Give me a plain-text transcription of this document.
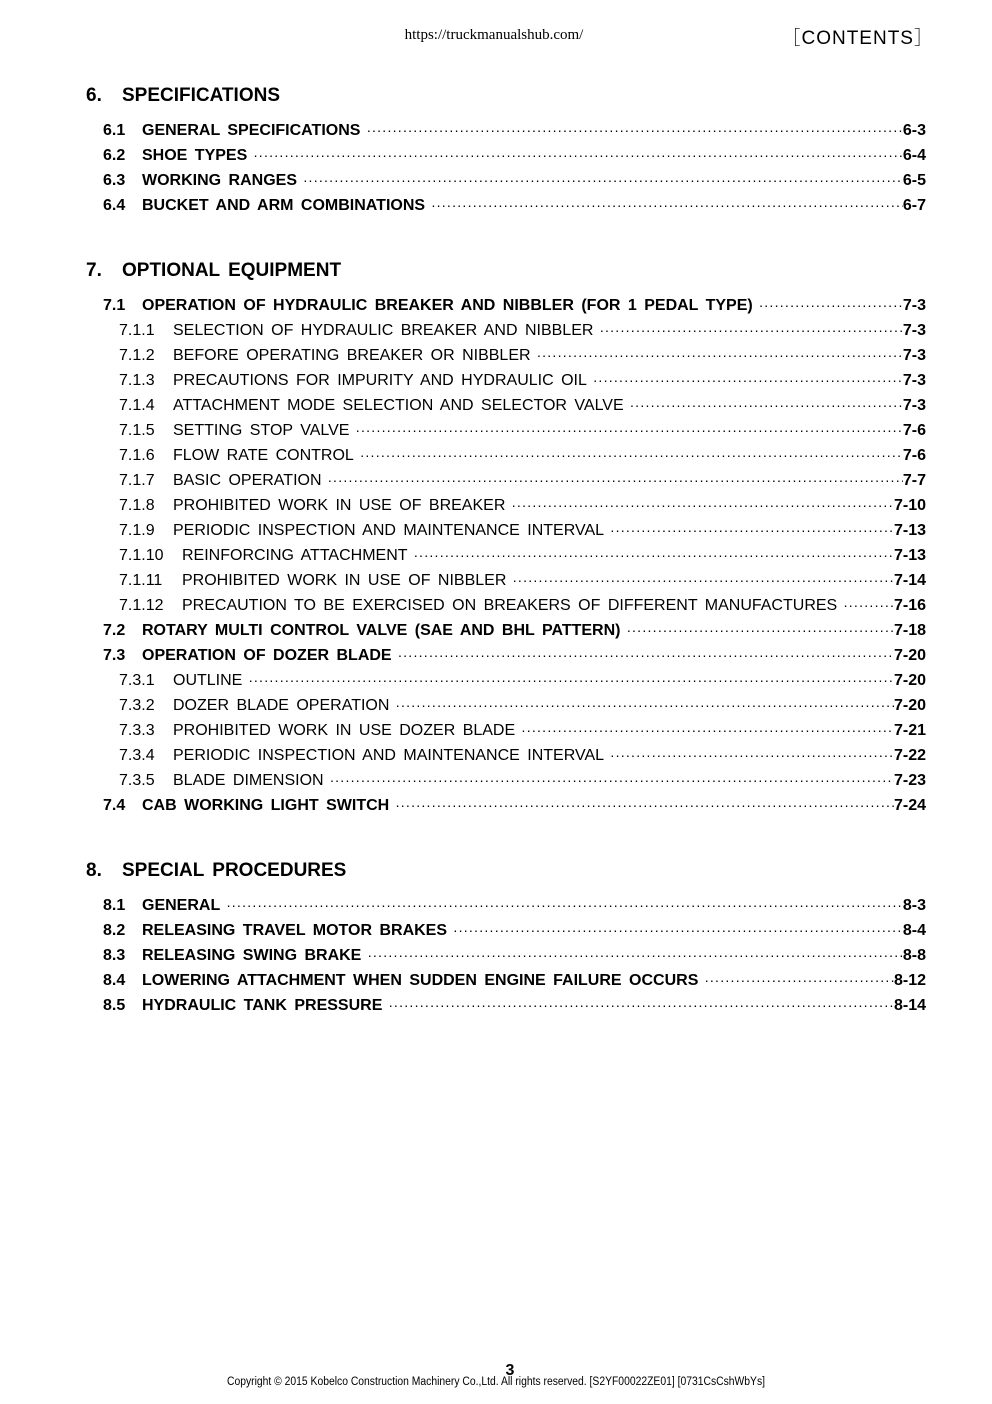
https://truckmanualshub.com/	［CONTENTS］
6. SPECIFICATIONS
6.1	GENERAL SPECIFICATIONS ·····	6-3
6.2	SHOE TYPES ·····	6-4
6.3	WORKING RANGES ·····	6-5
6.4	BUCKET AND ARM COMBINATIONS ·····	6-7
7. OPTIONAL EQUIPMENT
7.1	OPERATION OF HYDRAULIC BREAKER AND NIBBLER (FOR 1 PEDAL TYPE) ·····	7-3
7.1.1	SELECTION OF HYDRAULIC BREAKER AND NIBBLER ·····	7-3
7.1.2	BEFORE OPERATING BREAKER OR NIBBLER ·····	7-3
7.1.3	PRECAUTIONS FOR IMPURITY AND HYDRAULIC OIL ·····	7-3
7.1.4	ATTACHMENT MODE SELECTION AND SELECTOR VALVE ·····	7-3
7.1.5	SETTING STOP VALVE ·····	7-6
7.1.6	FLOW RATE CONTROL ·····	7-6
7.1.7	BASIC OPERATION ·····	7-7
7.1.8	PROHIBITED WORK IN USE OF BREAKER ·····	7-10
7.1.9	PERIODIC INSPECTION AND MAINTENANCE INTERVAL ·····	7-13
7.1.10	REINFORCING ATTACHMENT ·····	7-13
7.1.11	PROHIBITED WORK IN USE OF NIBBLER ·····	7-14
7.1.12	PRECAUTION TO BE EXERCISED ON BREAKERS OF DIFFERENT MANUFACTURES ·····	7-16
7.2	ROTARY MULTI CONTROL VALVE (SAE AND BHL PATTERN) ·····	7-18
7.3	OPERATION OF DOZER BLADE ·····	7-20
7.3.1	OUTLINE ·····	7-20
7.3.2	DOZER BLADE OPERATION ·····	7-20
7.3.3	PROHIBITED WORK IN USE DOZER BLADE ·····	7-21
7.3.4	PERIODIC INSPECTION AND MAINTENANCE INTERVAL ·····	7-22
7.3.5	BLADE DIMENSION ·····	7-23
7.4	CAB WORKING LIGHT SWITCH ·····	7-24
8. SPECIAL PROCEDURES
8.1	GENERAL ·····	8-3
8.2	RELEASING TRAVEL MOTOR BRAKES ·····	8-4
8.3	RELEASING SWING BRAKE ·····	8-8
8.4	LOWERING ATTACHMENT WHEN SUDDEN ENGINE FAILURE OCCURS ·····	8-12
8.5	HYDRAULIC TANK PRESSURE ·····	8-14
3
Copyright © 2015 Kobelco Construction Machinery Co.,Ltd. All rights reserved. [S2YF00022ZE01] [0731CsCshWbYs]
